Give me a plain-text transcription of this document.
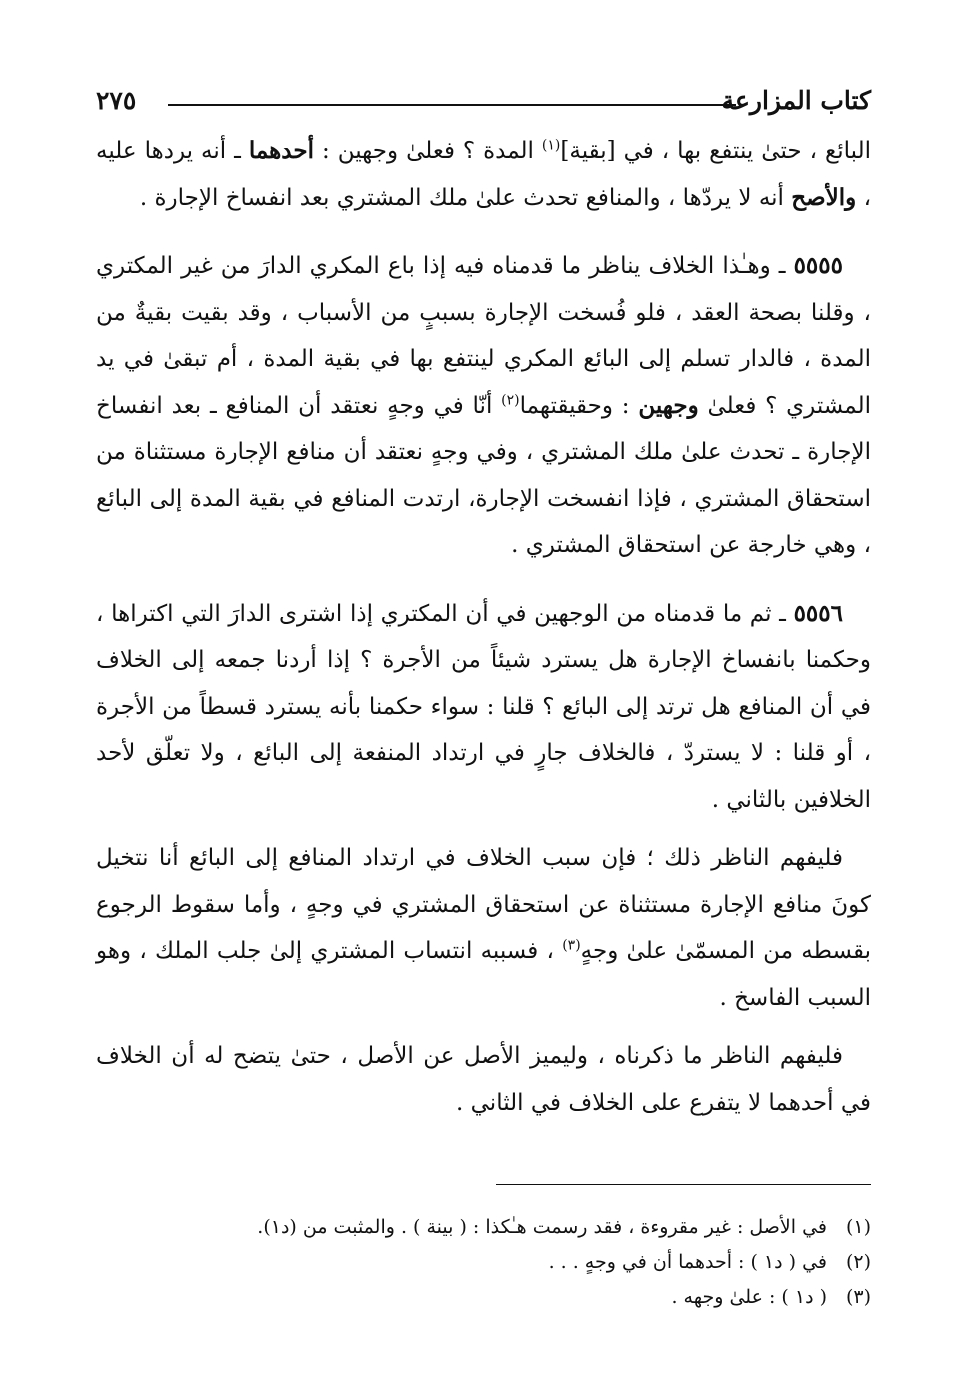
كتاب المزارعة
٢٧٥

البائع ، حتىٰ ينتفع بها ، في [بقية]$^{(١)}$ المدة ؟ فعلىٰ وجهين : أحدهما ـ أنه يردها عليه ، والأصح أنه لا يردّها ، والمنافع تحدث علىٰ ملك المشتري بعد انفساخ الإجارة .

٥٥٥٥ ـ وهـٰذا الخلاف يناظر ما قدمناه فيه إذا باع المكري الدارَ من غير المكتري ، وقلنا بصحة العقد ، فلو فُسخت الإجارة بسببٍ من الأسباب ، وقد بقيت بقيةٌ من المدة ، فالدار تسلم إلى البائع المكري لينتفع بها في بقية المدة ، أم تبقىٰ في يد المشتري ؟ فعلىٰ وجهين : وحقيقتهما$^{(٢)}$ أنّا في وجهٍ نعتقد أن المنافع ـ بعد انفساخ الإجارة ـ تحدث علىٰ ملك المشتري ، وفي وجهٍ نعتقد أن منافع الإجارة مستثناة من استحقاق المشتري ، فإذا انفسخت الإجارة، ارتدت المنافع في بقية المدة إلى البائع ، وهي خارجة عن استحقاق المشتري .

٥٥٥٦ ـ ثم ما قدمناه من الوجهين في أن المكتري إذا اشترى الدارَ التي اكتراها ، وحكمنا بانفساخ الإجارة هل يسترد شيئاً من الأجرة ؟ إذا أردنا جمعه إلى الخلاف في أن المنافع هل ترتد إلى البائع ؟ قلنا : سواء حكمنا بأنه يسترد قسطاً من الأجرة ، أو قلنا : لا يستردّ ، فالخلاف جارٍ في ارتداد المنفعة إلى البائع ، ولا تعلّق لأحد الخلافين بالثاني .

فليفهم الناظر ذلك ؛ فإن سبب الخلاف في ارتداد المنافع إلى البائع أنا نتخيل كونَ منافع الإجارة مستثناة عن استحقاق المشتري في وجهٍ ، وأما سقوط الرجوع بقسطه من المسمّىٰ علىٰ وجهٍ$^{(٣)}$ ، فسببه انتساب المشتري إلىٰ جلب الملك ، وهو السبب الفاسخ .

فليفهم الناظر ما ذكرناه ، وليميز الأصل عن الأصل ، حتىٰ يتضح له أن الخلاف في أحدهما لا يتفرع على الخلاف في الثاني .

(١)
في الأصل : غير مقروءة ، فقد رسمت هـٰكذا : ( بينة ) . والمثبت من (د١).
(٢)
في ( د١ ) : أحدهما أن في وجهٍ . . .
(٣)
( د١ ) : علىٰ وجهه .
